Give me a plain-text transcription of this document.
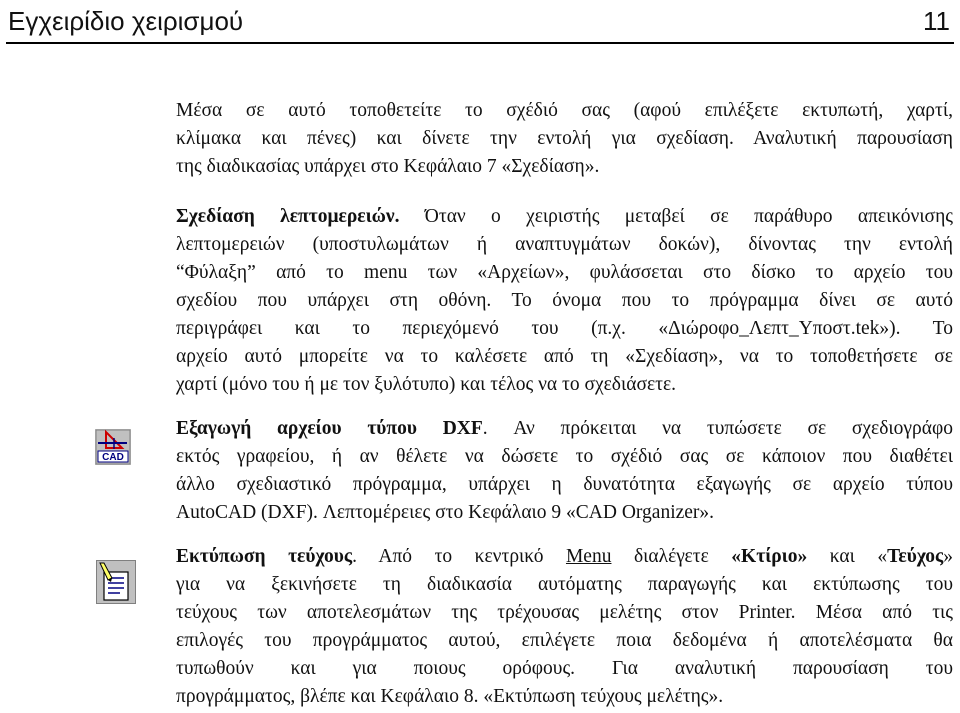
Εγχειρίδιο χειρισμού	11
CAD
Μέσα σε αυτό τοποθετείτε το σχέδιό σας (αφού επιλέξετε εκτυπωτή, χαρτί,
κλίμακα και πένες) και δίνετε την εντολή για σχεδίαση. Αναλυτική παρουσίαση
της διαδικασίας υπάρχει στο Κεφάλαιο 7 «Σχεδίαση».
Σχεδίαση λεπτομερειών. Όταν ο χειριστής μεταβεί σε παράθυρο απεικόνισης
λεπτομερειών (υποστυλωμάτων ή αναπτυγμάτων δοκών), δίνοντας την εντολή
“Φύλαξη” από το menu των «Αρχείων», φυλάσσεται στο δίσκο το αρχείο του
σχεδίου που υπάρχει στη οθόνη. Το όνομα που το πρόγραμμα δίνει σε αυτό
περιγράφει και το περιεχόμενό του (π.χ. «Διώροφο_Λεπτ_Υποστ.tek»). Το
αρχείο αυτό μπορείτε να το καλέσετε από τη «Σχεδίαση», να το τοποθετήσετε σε
χαρτί (μόνο του ή με τον ξυλότυπο) και τέλος να το σχεδιάσετε.
Εξαγωγή αρχείου τύπου DXF. Αν πρόκειται να τυπώσετε σε σχεδιογράφο
εκτός γραφείου, ή αν θέλετε να δώσετε το σχέδιό σας σε κάποιον που διαθέτει
άλλο σχεδιαστικό πρόγραμμα, υπάρχει η δυνατότητα εξαγωγής σε αρχείο τύπου
AutoCAD (DXF). Λεπτομέρειες στο Κεφάλαιο 9 «CAD Organizer».
Εκτύπωση τεύχους. Από το κεντρικό Menu διαλέγετε «Κτίριο» και «Τεύχος»
για να ξεκινήσετε τη διαδικασία αυτόματης παραγωγής και εκτύπωσης του
τεύχους των αποτελεσμάτων της τρέχουσας μελέτης στον Printer. Μέσα από τις
επιλογές του προγράμματος αυτού, επιλέγετε ποια δεδομένα ή αποτελέσματα θα
τυπωθούν και για ποιους ορόφους. Για αναλυτική παρουσίαση του
προγράμματος, βλέπε και Κεφάλαιο 8. «Εκτύπωση τεύχους μελέτης».
